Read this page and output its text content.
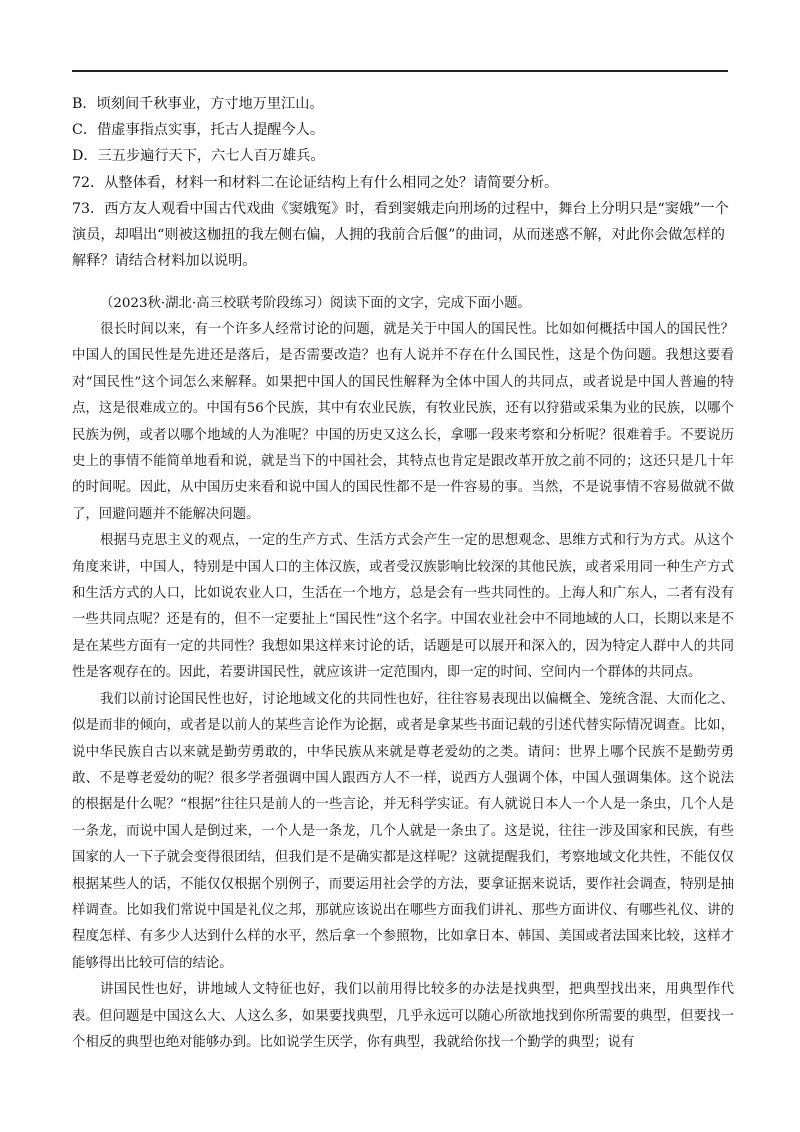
B．顷刻间千秋事业，方寸地万里江山。

C．借虚事指点实事，托古人提醒今人。

D．三五步遍行天下，六七人百万雄兵。

72．从整体看，材料一和材料二在论证结构上有什么相同之处？请简要分析。

73．西方友人观看中国古代戏曲《窦娥冤》时，看到窦娥走向刑场的过程中，舞台上分明只是“窦娥”一个演员，却唱出“则被这枷扭的我左侧右偏，人拥的我前合后偃”的曲词，从而迷惑不解，对此你会做怎样的解释？请结合材料加以说明。

（2023秋·湖北·高三校联考阶段练习）阅读下面的文字，完成下面小题。

很长时间以来，有一个许多人经常讨论的问题，就是关于中国人的国民性。比如如何概括中国人的国民性？中国人的国民性是先进还是落后，是否需要改造？也有人说并不存在什么国民性，这是个伪问题。我想这要看对“国民性”这个词怎么来解释。如果把中国人的国民性解释为全体中国人的共同点，或者说是中国人普遍的特点，这是很难成立的。中国有56个民族，其中有农业民族，有牧业民族，还有以狩猎或采集为业的民族，以哪个民族为例，或者以哪个地域的人为准呢？中国的历史又这么长，拿哪一段来考察和分析呢？很难着手。不要说历史上的事情不能简单地看和说，就是当下的中国社会，其特点也肯定是跟改革开放之前不同的；这还只是几十年的时间呢。因此，从中国历史来看和说中国人的国民性都不是一件容易的事。当然，不是说事情不容易做就不做了，回避问题并不能解决问题。

根据马克思主义的观点，一定的生产方式、生活方式会产生一定的思想观念、思维方式和行为方式。从这个角度来讲，中国人，特别是中国人口的主体汉族，或者受汉族影响比较深的其他民族，或者采用同一种生产方式和生活方式的人口，比如说农业人口，生活在一个地方，总是会有一些共同性的。上海人和广东人，二者有没有一些共同点呢？还是有的，但不一定要扯上“国民性”这个名字。中国农业社会中不同地域的人口，长期以来是不是在某些方面有一定的共同性？我想如果这样来讨论的话，话题是可以展开和深入的，因为特定人群中人的共同性是客观存在的。因此，若要讲国民性，就应该讲一定范围内，即一定的时间、空间内一个群体的共同点。

我们以前讨论国民性也好，讨论地域文化的共同性也好，往往容易表现出以偏概全、笼统含混、大而化之、似是而非的倾向，或者是以前人的某些言论作为论据，或者是拿某些书面记载的引述代替实际情况调查。比如，说中华民族自古以来就是勤劳勇敢的，中华民族从来就是尊老爱幼的之类。请问：世界上哪个民族不是勤劳勇敢、不是尊老爱幼的呢？很多学者强调中国人跟西方人不一样，说西方人强调个体，中国人强调集体。这个说法的根据是什么呢？“根据”往往只是前人的一些言论，并无科学实证。有人就说日本人一个人是一条虫，几个人是一条龙，而说中国人是倒过来，一个人是一条龙，几个人就是一条虫了。这是说，往往一涉及国家和民族，有些国家的人一下子就会变得很团结，但我们是不是确实都是这样呢？这就提醒我们，考察地域文化共性，不能仅仅根据某些人的话，不能仅仅根据个别例子，而要运用社会学的方法，要拿证据来说话，要作社会调查，特别是抽样调查。比如我们常说中国是礼仪之邦，那就应该说出在哪些方面我们讲礼、那些方面讲仪、有哪些礼仪、讲的程度怎样、有多少人达到什么样的水平，然后拿一个参照物，比如拿日本、韩国、美国或者法国来比较，这样才能够得出比较可信的结论。

讲国民性也好，讲地域人文特征也好，我们以前用得比较多的办法是找典型，把典型找出来，用典型作代表。但问题是中国这么大、人这么多，如果要找典型，几乎永远可以随心所欲地找到你所需要的典型，但要找一个相反的典型也绝对能够办到。比如说学生厌学，你有典型，我就给你找一个勤学的典型；说有
